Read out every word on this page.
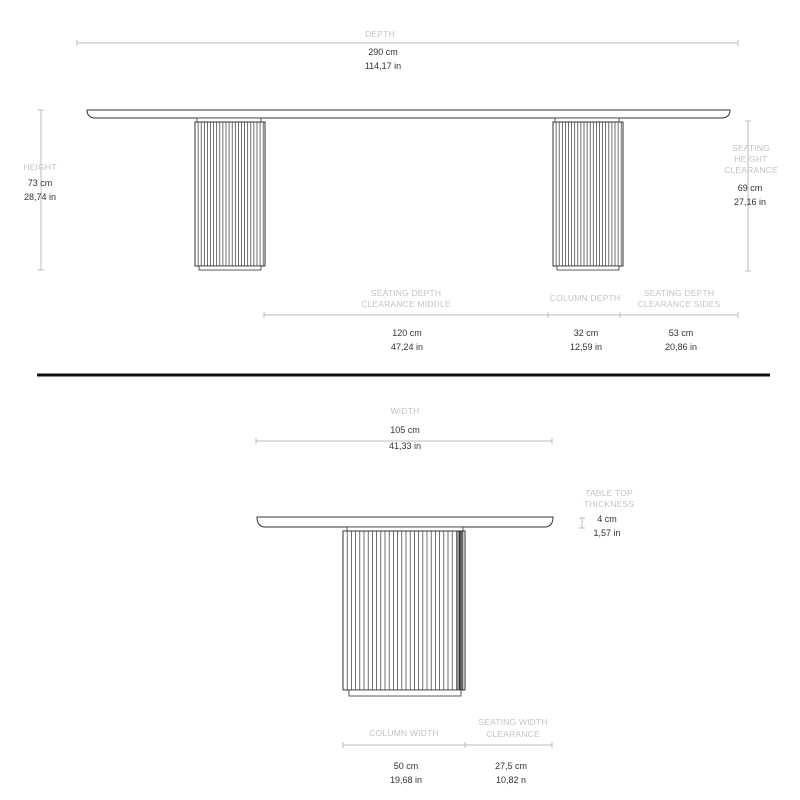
DEPTH
290 cm
114,17 in
HEIGHT
73 cm
28,74 in
SEATING
HEIGHT
CLEARANCE
69 cm
27,16 in
SEATING DEPTH
CLEARANCE MIDDLE
120 cm
47,24 in
COLUMN DEPTH
32 cm
12,59 in
SEATING DEPTH
CLEARANCE SIDES
53 cm
20,86 in
WIDTH
105 cm
41,33 in
TABLE TOP
THICKNESS
4 cm
1,57 in
COLUMN WIDTH
50 cm
19,68 in
SEATING WIDTH
CLEARANCE
27,5 cm
10,82 n
